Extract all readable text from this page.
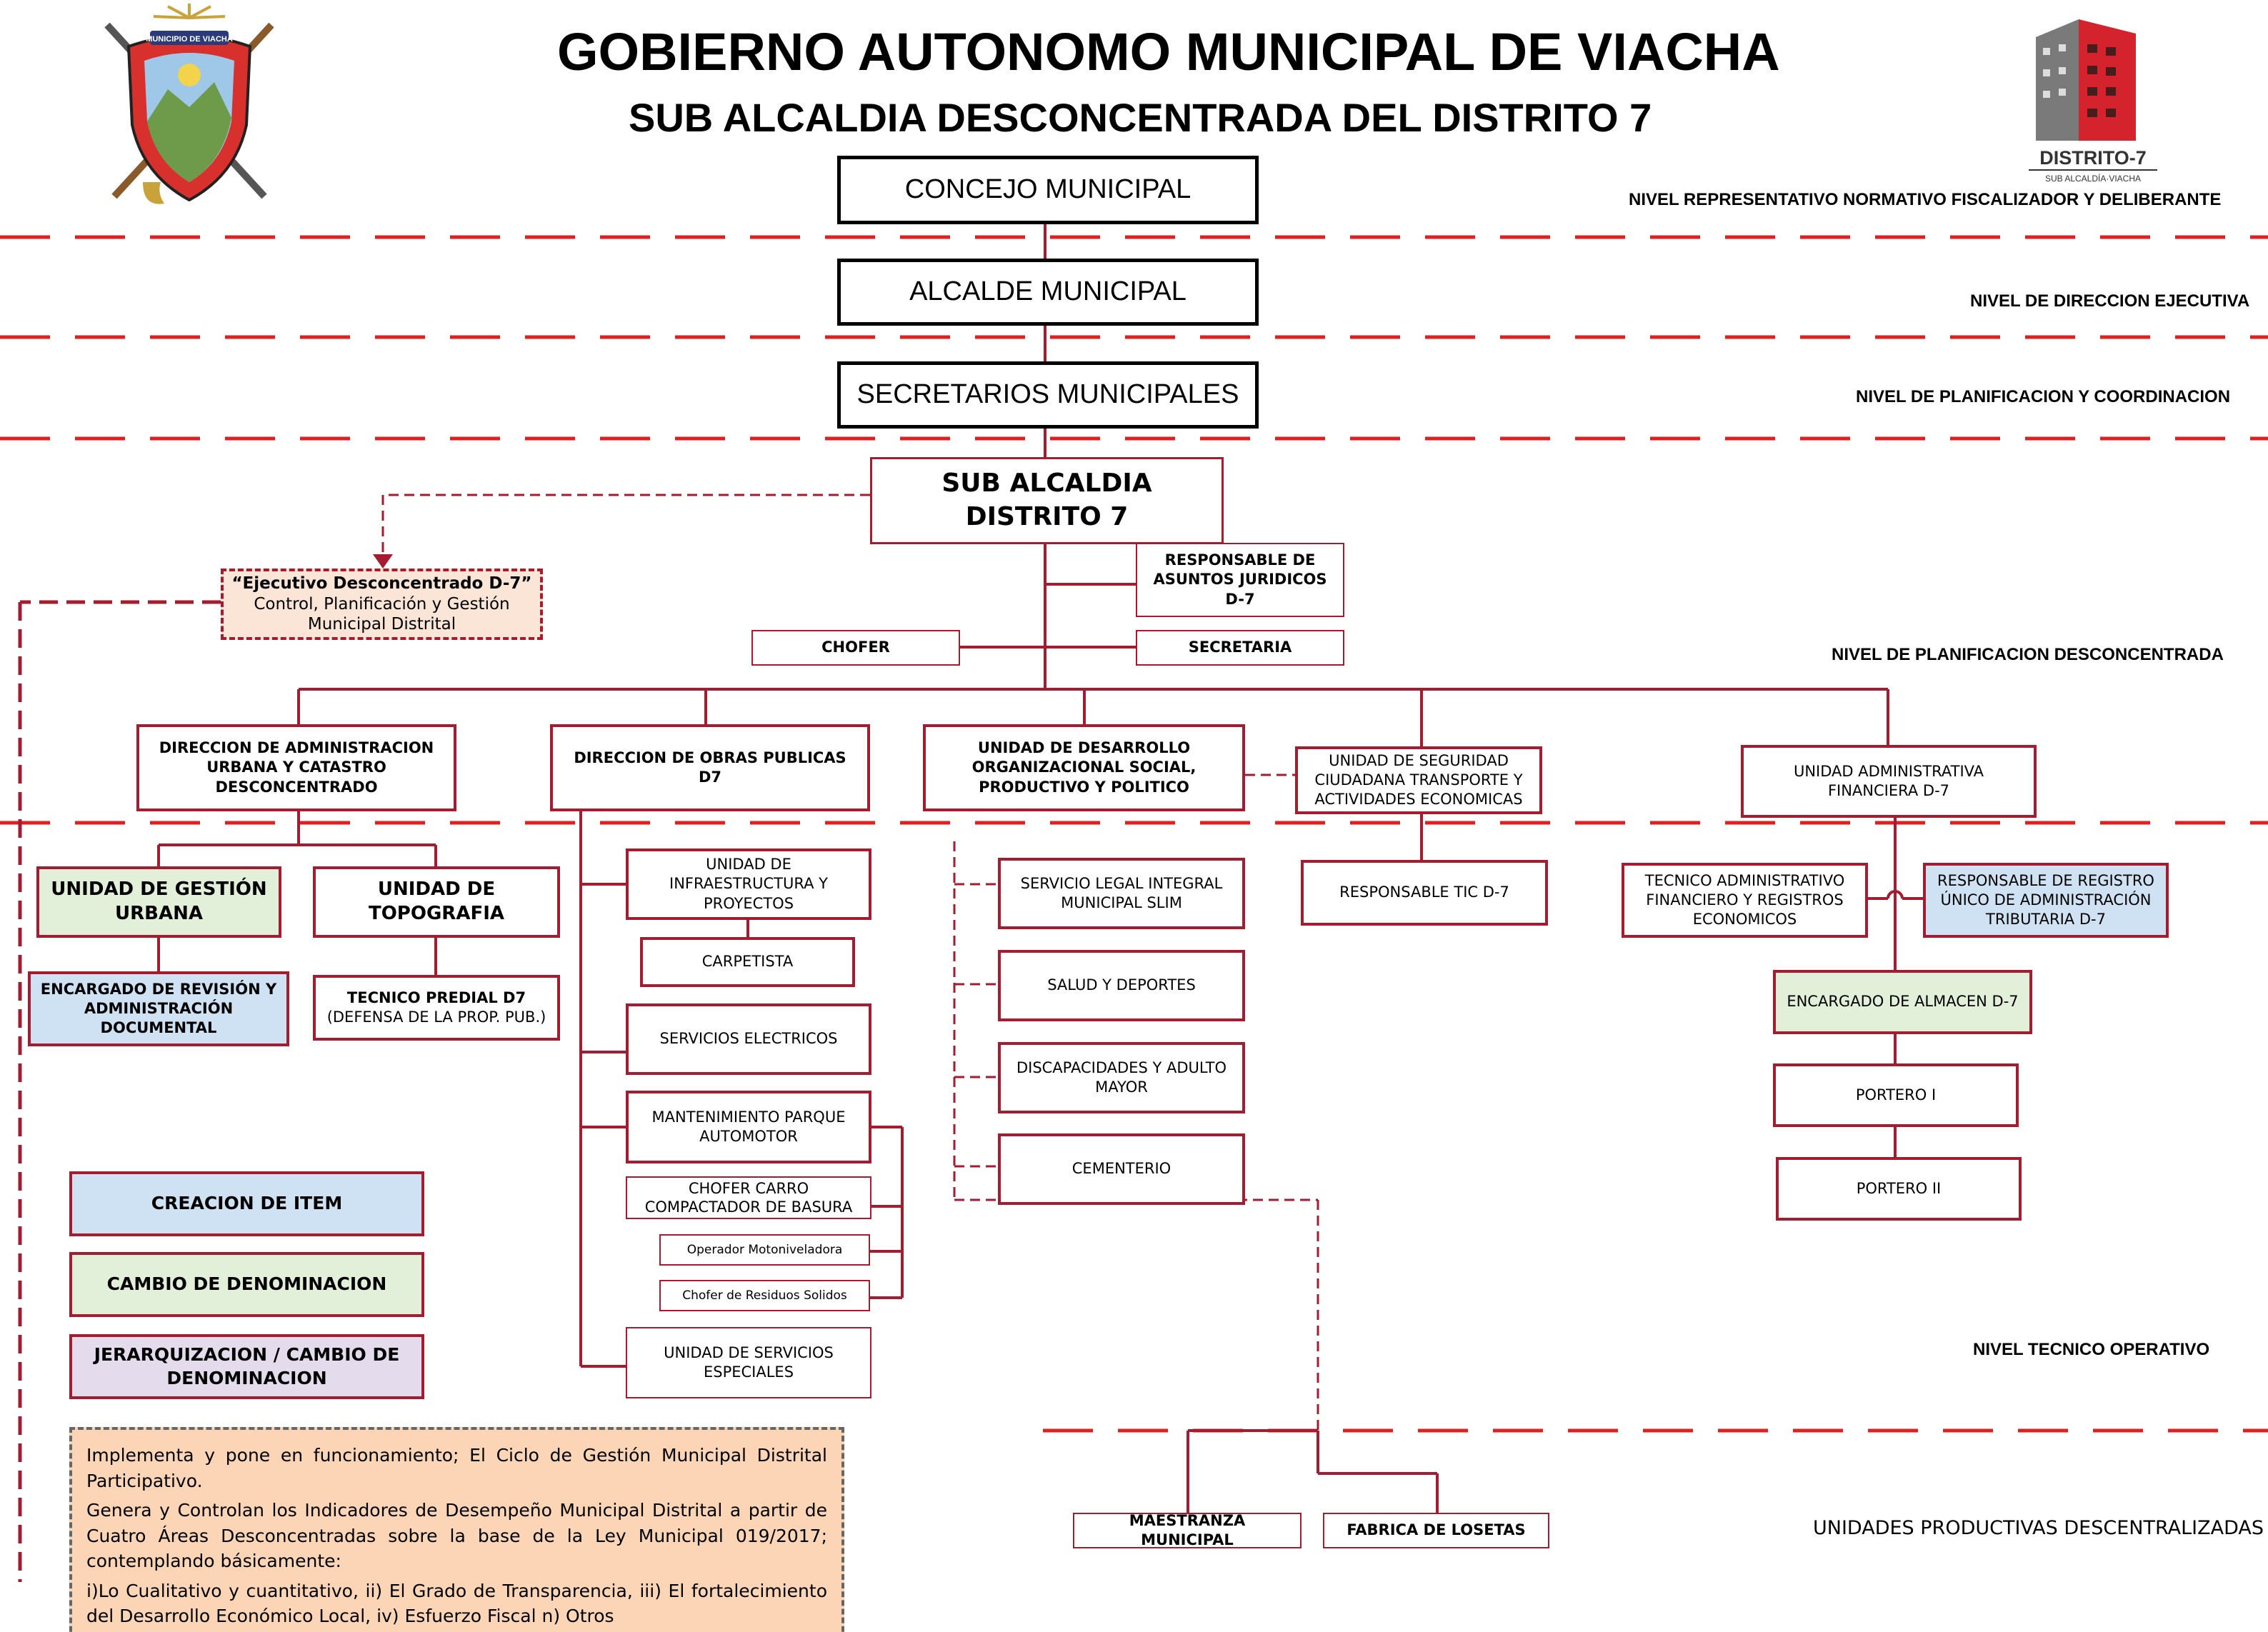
MUNICIPIO DE VIACHA
DISTRITO-7
SUB ALCALDÍA·VIACHA
GOBIERNO AUTONOMO MUNICIPAL DE VIACHA
SUB ALCALDIA DESCONCENTRADA DEL DISTRITO 7
NIVEL REPRESENTATIVO NORMATIVO FISCALIZADOR Y DELIBERANTE
NIVEL DE DIRECCION EJECUTIVA
NIVEL DE PLANIFICACION Y COORDINACION
NIVEL DE PLANIFICACION DESCONCENTRADA
NIVEL TECNICO OPERATIVO
UNIDADES PRODUCTIVAS DESCENTRALIZADAS
CONCEJO MUNICIPAL
ALCALDE MUNICIPAL
SECRETARIOS MUNICIPALES
SUB ALCALDIA
DISTRITO 7
“Ejecutivo Desconcentrado D-7”
Control, Planificación y Gestión
Municipal Distrital
RESPONSABLE DE ASUNTOS JURIDICOS D-7
CHOFER	SECRETARIA
DIRECCION DE ADMINISTRACION URBANA Y CATASTRO DESCONCENTRADO
DIRECCION DE OBRAS PUBLICAS D7
UNIDAD DE DESARROLLO ORGANIZACIONAL SOCIAL, PRODUCTIVO Y POLITICO
UNIDAD DE SEGURIDAD CIUDADANA TRANSPORTE Y ACTIVIDADES ECONOMICAS
UNIDAD ADMINISTRATIVA FINANCIERA D-7
UNIDAD DE GESTIÓN URBANA
UNIDAD DE TOPOGRAFIA
ENCARGADO DE REVISIÓN Y ADMINISTRACIÓN DOCUMENTAL
TECNICO PREDIAL D7
(DEFENSA DE LA PROP. PUB.)
UNIDAD DE INFRAESTRUCTURA Y PROYECTOS
CARPETISTA
SERVICIOS ELECTRICOS
MANTENIMIENTO PARQUE AUTOMOTOR
CHOFER CARRO COMPACTADOR DE BASURA
Operador Motoniveladora
Chofer de Residuos Solidos
UNIDAD DE SERVICIOS ESPECIALES
SERVICIO LEGAL INTEGRAL MUNICIPAL SLIM
SALUD Y DEPORTES
DISCAPACIDADES Y ADULTO MAYOR
CEMENTERIO
RESPONSABLE TIC D-7
TECNICO ADMINISTRATIVO FINANCIERO Y REGISTROS ECONOMICOS
RESPONSABLE DE REGISTRO ÚNICO DE ADMINISTRACIÓN TRIBUTARIA D-7
ENCARGADO DE ALMACEN D-7
PORTERO I
PORTERO II
MAESTRANZA MUNICIPAL
FABRICA DE LOSETAS
CREACION DE ITEM
CAMBIO DE DENOMINACION
JERARQUIZACION / CAMBIO DE DENOMINACION

Implementa y pone en funcionamiento; El Ciclo de Gestión Municipal Distrital Participativo.

Genera y Controlan los Indicadores de Desempeño Municipal Distrital a partir de Cuatro Áreas Desconcentradas sobre la base de la Ley Municipal 019/2017; contemplando básicamente:

i)Lo Cualitativo y cuantitativo, ii) El Grado de Transparencia, iii) El fortalecimiento del Desarrollo Económico Local, iv) Esfuerzo Fiscal n) Otros
